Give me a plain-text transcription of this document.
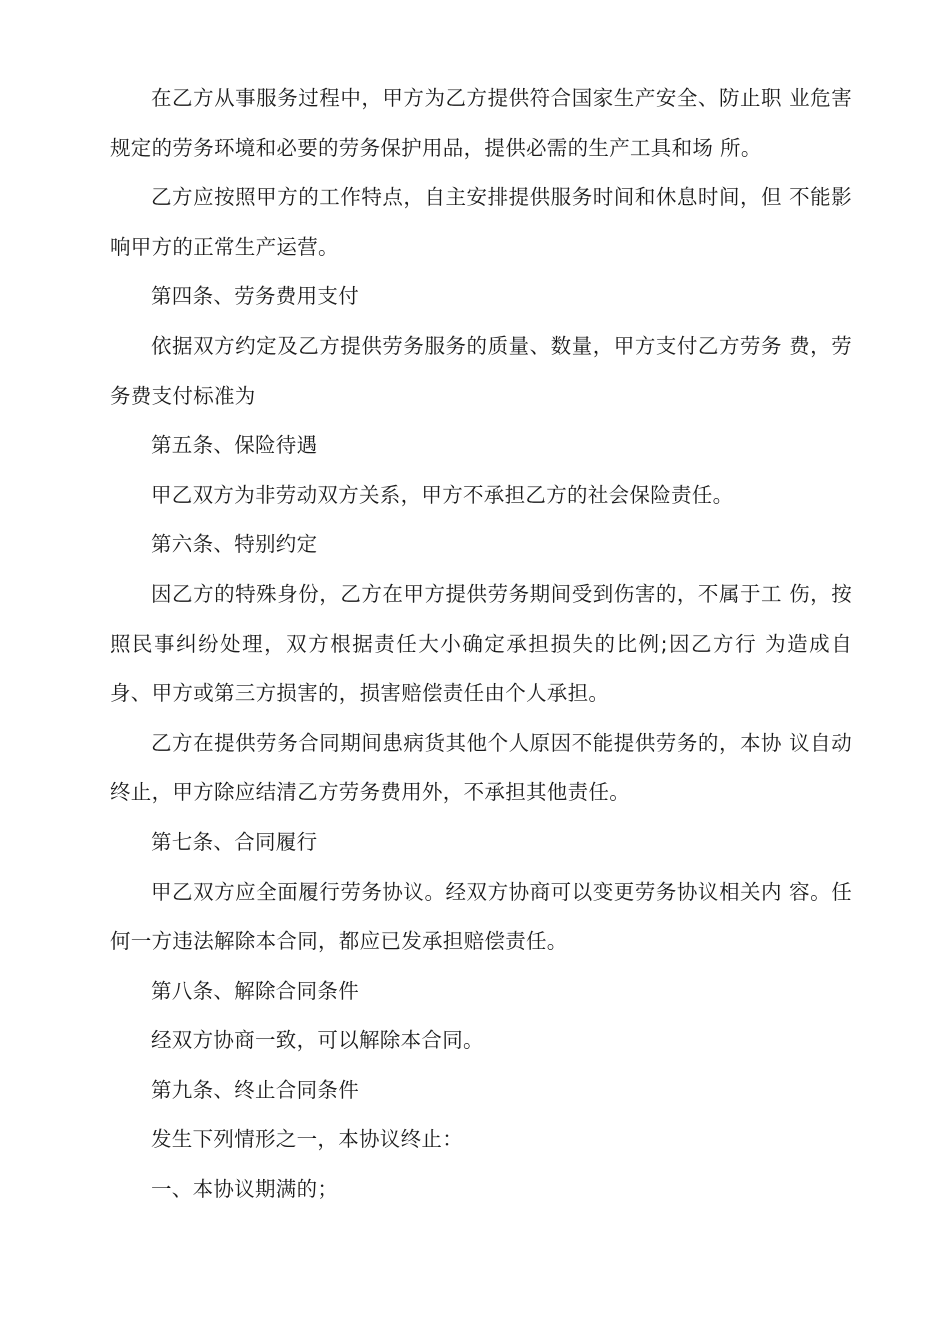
在乙方从事服务过程中，甲方为乙方提供符合国家生产安全、防止职 业危害规定的劳务环境和必要的劳务保护用品，提供必需的生产工具和场 所。

乙方应按照甲方的工作特点，自主安排提供服务时间和休息时间，但 不能影响甲方的正常生产运营。

第四条、劳务费用支付

依据双方约定及乙方提供劳务服务的质量、数量，甲方支付乙方劳务 费，劳务费支付标准为

第五条、保险待遇

甲乙双方为非劳动双方关系，甲方不承担乙方的社会保险责任。

第六条、特别约定

因乙方的特殊身份，乙方在甲方提供劳务期间受到伤害的，不属于工 伤，按照民事纠纷处理，双方根据责任大小确定承担损失的比例;因乙方行 为造成自身、甲方或第三方损害的，损害赔偿责任由个人承担。

乙方在提供劳务合同期间患病货其他个人原因不能提供劳务的，本协 议自动终止，甲方除应结清乙方劳务费用外，不承担其他责任。

第七条、合同履行

甲乙双方应全面履行劳务协议。经双方协商可以变更劳务协议相关内 容。任何一方违法解除本合同，都应已发承担赔偿责任。

第八条、解除合同条件

经双方协商一致，可以解除本合同。

第九条、终止合同条件

发生下列情形之一，本协议终止：

一、本协议期满的；
